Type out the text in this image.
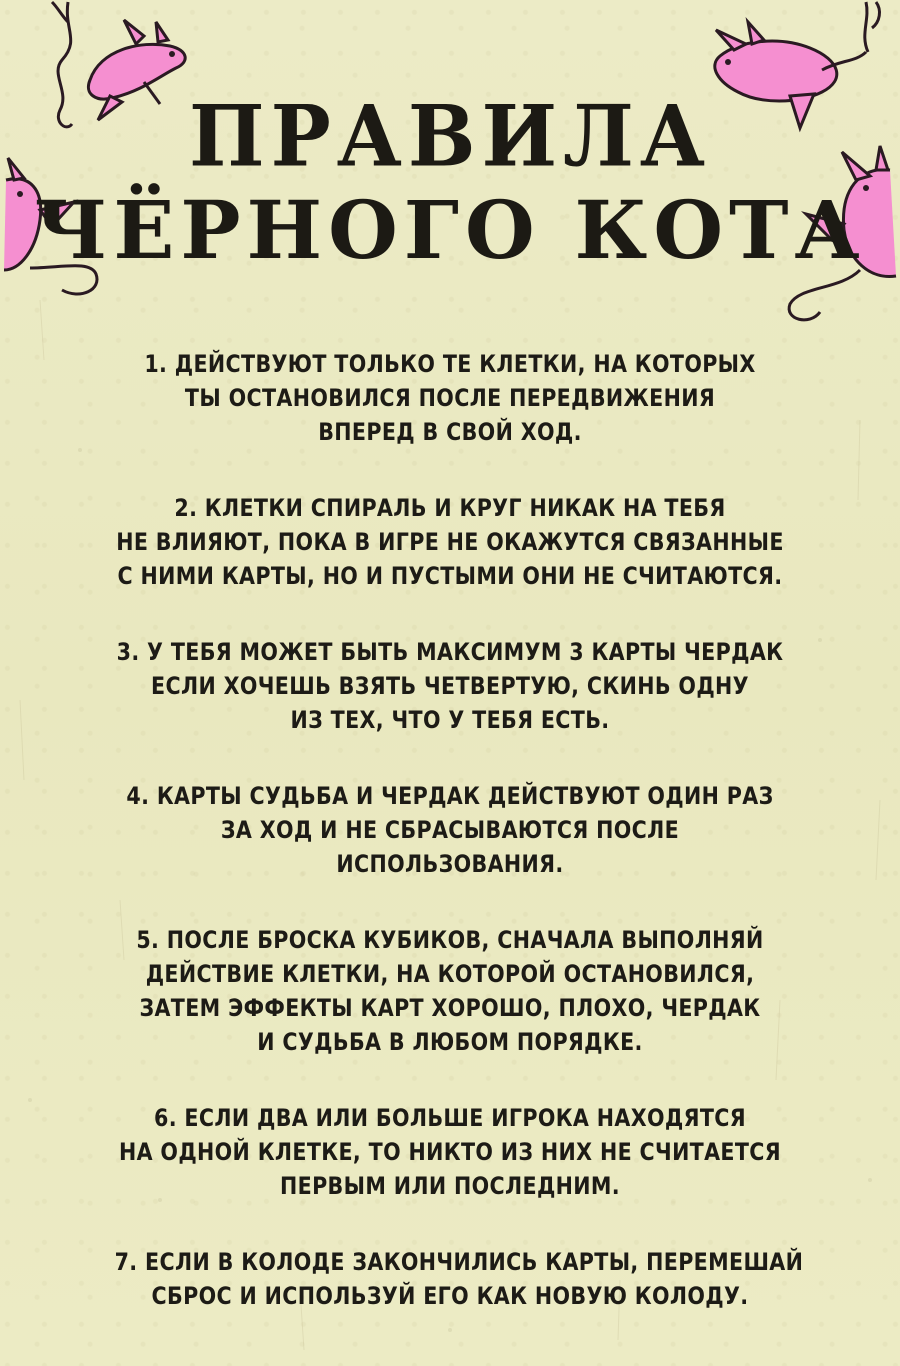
ПРАВИЛА
ЧЁРНОГО КОТА
1. ДЕЙСТВУЮТ ТОЛЬКО ТЕ КЛЕТКИ, НА КОТОРЫХ
ТЫ ОСТАНОВИЛСЯ ПОСЛЕ ПЕРЕДВИЖЕНИЯ
ВПЕРЕД В СВОЙ ХОД.
2. КЛЕТКИ СПИРАЛЬ И КРУГ НИКАК НА ТЕБЯ
НЕ ВЛИЯЮТ, ПОКА В ИГРЕ НЕ ОКАЖУТСЯ СВЯЗАННЫЕ
С НИМИ КАРТЫ, НО И ПУСТЫМИ ОНИ НЕ СЧИТАЮТСЯ.
3. У ТЕБЯ МОЖЕТ БЫТЬ МАКСИМУМ 3 КАРТЫ ЧЕРДАК
ЕСЛИ ХОЧЕШЬ ВЗЯТЬ ЧЕТВЕРТУЮ, СКИНЬ ОДНУ
ИЗ ТЕХ, ЧТО У ТЕБЯ ЕСТЬ.
4. КАРТЫ СУДЬБА И ЧЕРДАК ДЕЙСТВУЮТ ОДИН РАЗ
ЗА ХОД И НЕ СБРАСЫВАЮТСЯ ПОСЛЕ
ИСПОЛЬЗОВАНИЯ.
5. ПОСЛЕ БРОСКА КУБИКОВ, СНАЧАЛА ВЫПОЛНЯЙ
ДЕЙСТВИЕ КЛЕТКИ, НА КОТОРОЙ ОСТАНОВИЛСЯ,
ЗАТЕМ ЭФФЕКТЫ КАРТ ХОРОШО, ПЛОХО, ЧЕРДАК
И СУДЬБА В ЛЮБОМ ПОРЯДКЕ.
6. ЕСЛИ ДВА ИЛИ БОЛЬШЕ ИГРОКА НАХОДЯТСЯ
НА ОДНОЙ КЛЕТКЕ, ТО НИКТО ИЗ НИХ НЕ СЧИТАЕТСЯ
ПЕРВЫМ ИЛИ ПОСЛЕДНИМ.
7. ЕСЛИ В КОЛОДЕ ЗАКОНЧИЛИСЬ КАРТЫ, ПЕРЕМЕШАЙ
СБРОС И ИСПОЛЬЗУЙ ЕГО КАК НОВУЮ КОЛОДУ.
